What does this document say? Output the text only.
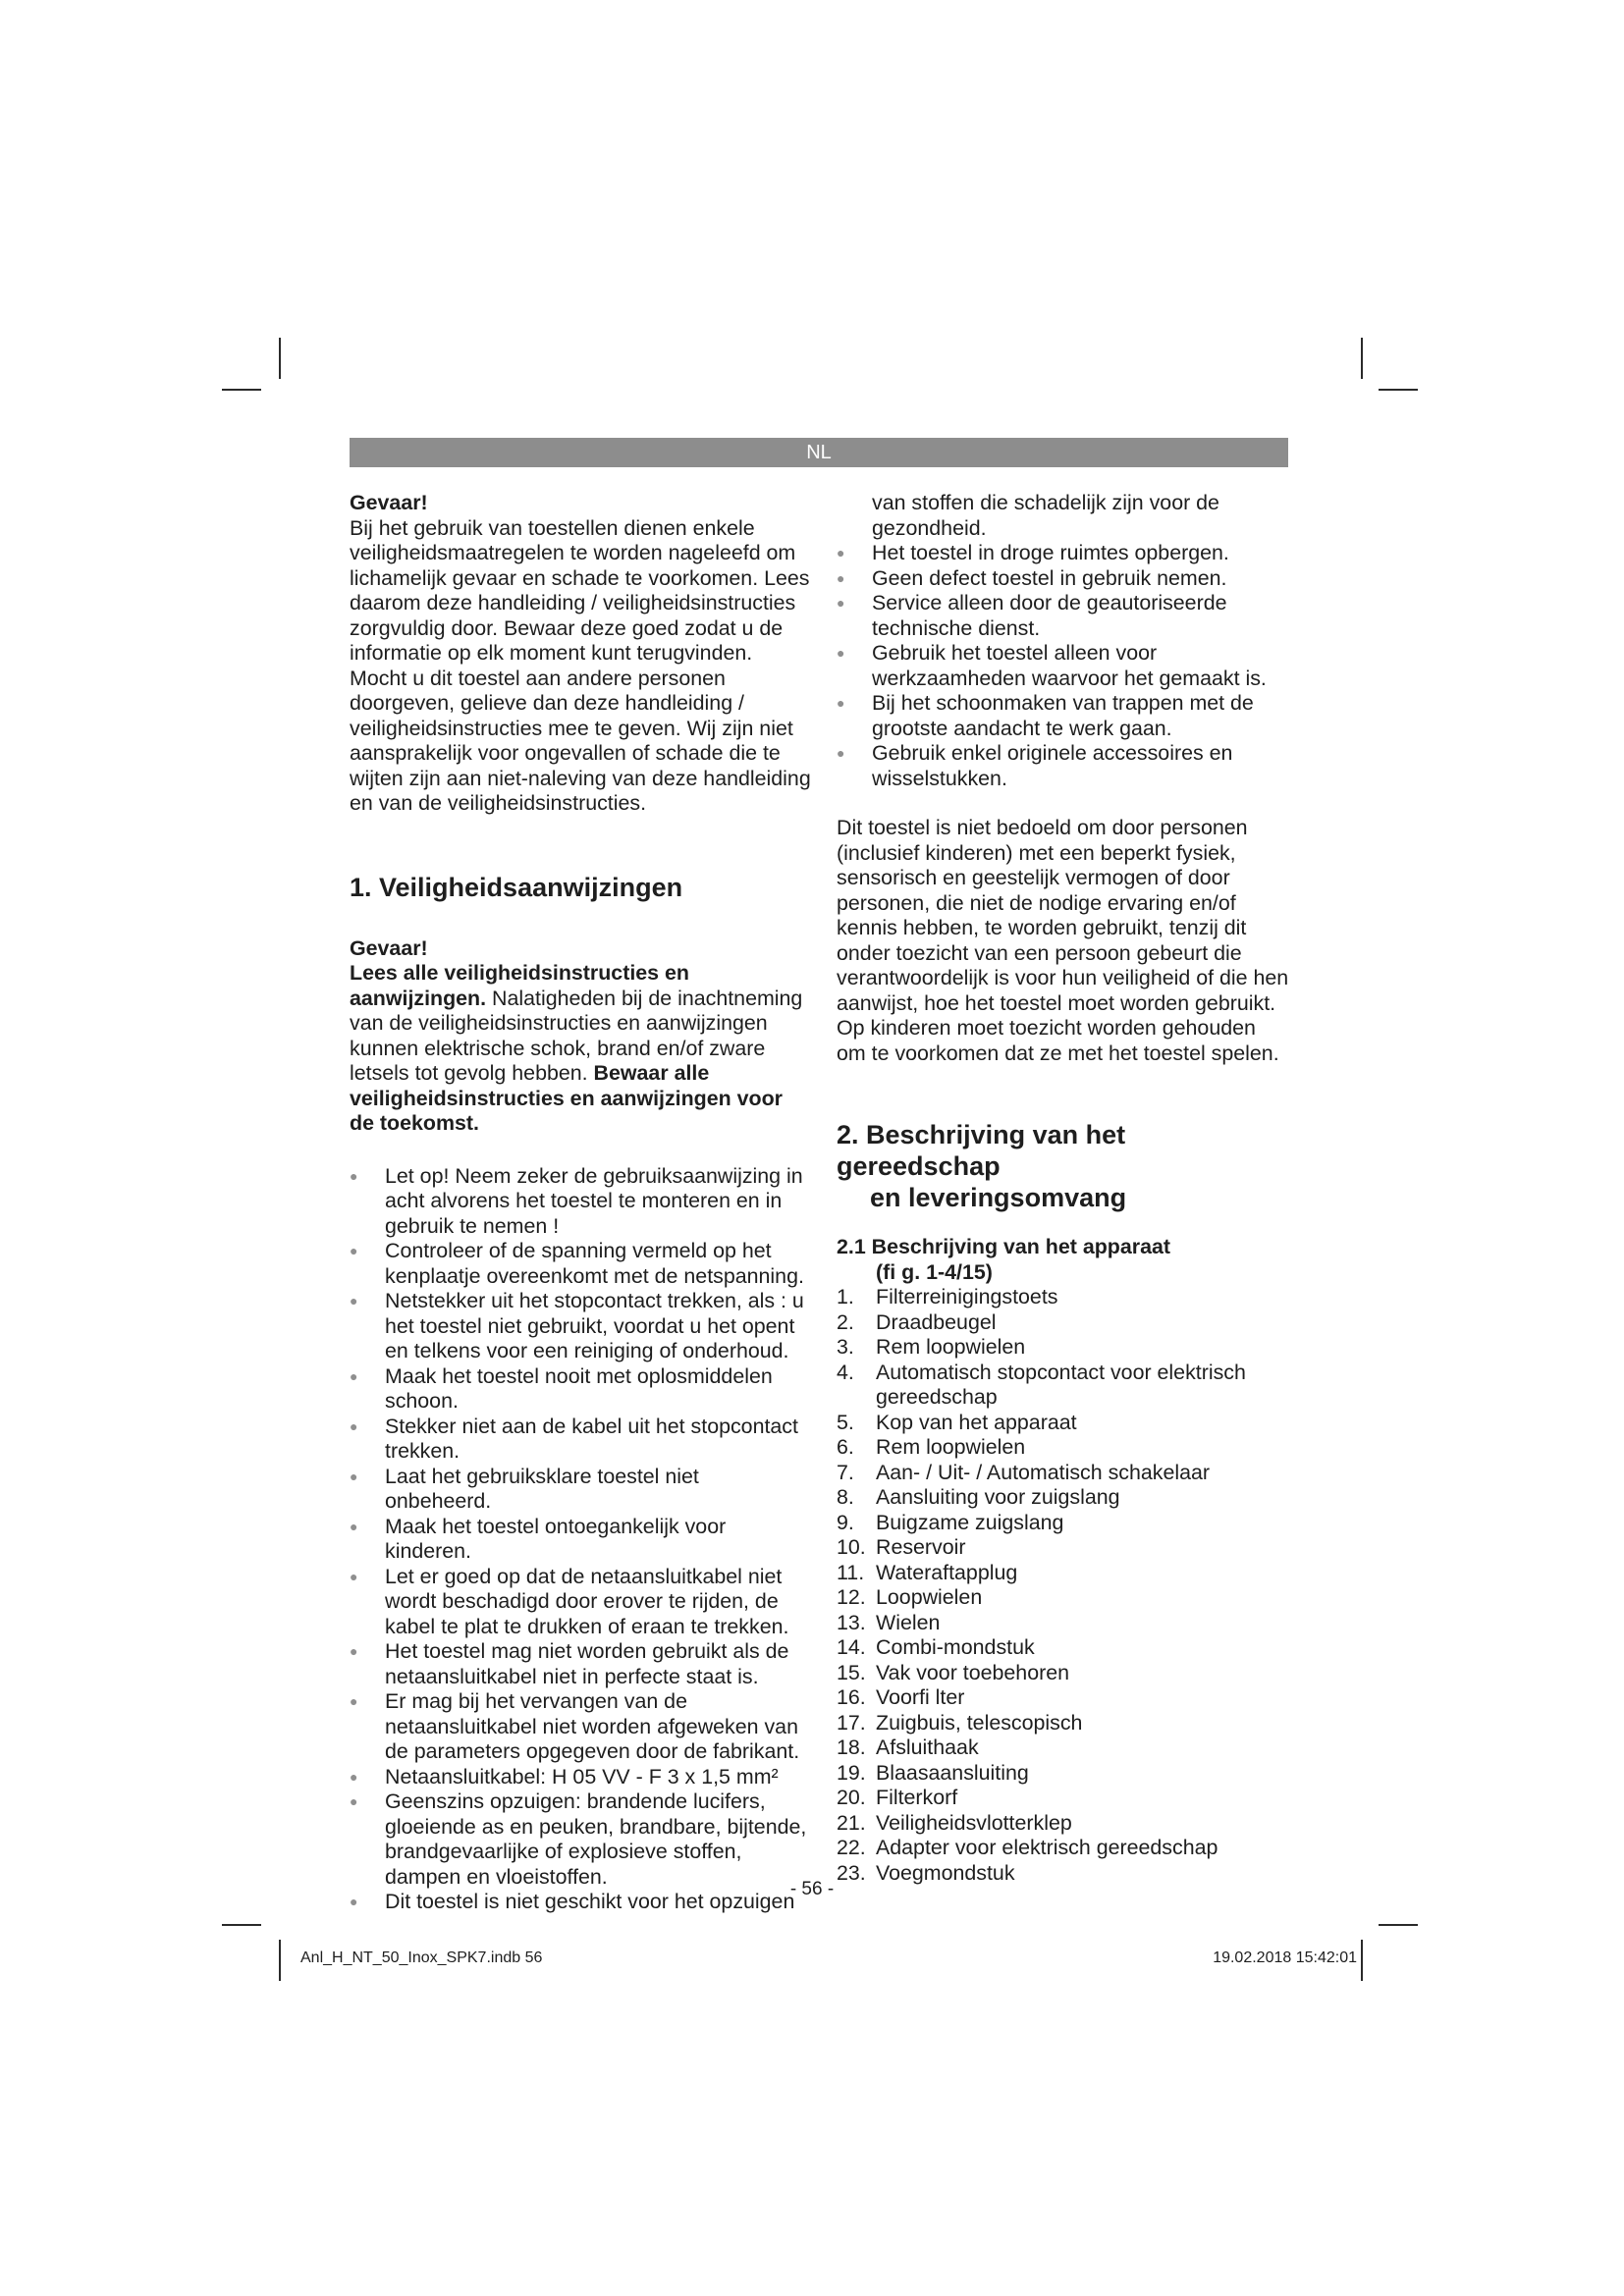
NL

Gevaar!

Bij het gebruik van toestellen dienen enkele veiligheidsmaatregelen te worden nageleefd om lichamelijk gevaar en schade te voorkomen. Lees daarom deze handleiding / veiligheidsinstructies zorgvuldig door. Bewaar deze goed zodat u de informatie op elk moment kunt terugvinden. Mocht u dit toestel aan andere personen doorgeven, gelieve dan deze handleiding / veiligheidsinstructies mee te geven. Wij zijn niet aansprakelijk voor ongevallen of schade die te wijten zijn aan niet-naleving van deze handleiding en van de veiligheidsinstructies.

1. Veiligheidsaanwijzingen

Gevaar!

Lees alle veiligheidsinstructies en aanwijzingen. Nalatigheden bij de inachtneming van de veiligheidsinstructies en aanwijzingen kunnen elektrische schok, brand en/of zware letsels tot gevolg hebben. Bewaar alle veiligheidsinstructies en aanwijzingen voor de toekomst.

● Let op! Neem zeker de gebruiksaanwijzing in acht alvorens het toestel te monteren en in gebruik te nemen !
● Controleer of de spanning vermeld op het kenplaatje overeenkomt met de netspanning.
● Netstekker uit het stopcontact trekken, als : u het toestel niet gebruikt, voordat u het opent en telkens voor een reiniging of onderhoud.
● Maak het toestel nooit met oplosmiddelen schoon.
● Stekker niet aan de kabel uit het stopcontact trekken.
● Laat het gebruiksklare toestel niet onbeheerd.
● Maak het toestel ontoegankelijk voor kinderen.
● Let er goed op dat de netaansluitkabel niet wordt beschadigd door erover te rijden, de kabel te plat te drukken of eraan te trekken.
● Het toestel mag niet worden gebruikt als de netaansluitkabel niet in perfecte staat is.
● Er mag bij het vervangen van de netaansluitkabel niet worden afgeweken van de parameters opgegeven door de fabrikant.
● Netaansluitkabel: H 05 VV - F 3 x 1,5 mm²
● Geenszins opzuigen: brandende lucifers, gloeiende as en peuken, brandbare, bijtende, brandgevaarlijke of explosieve stoffen, dampen en vloeistoffen.
● Dit toestel is niet geschikt voor het opzuigen

van stoffen die schadelijk zijn voor de gezondheid.

● Het toestel in droge ruimtes opbergen.
● Geen defect toestel in gebruik nemen.
● Service alleen door de geautoriseerde technische dienst.
● Gebruik het toestel alleen voor werkzaamheden waarvoor het gemaakt is.
● Bij het schoonmaken van trappen met de grootste aandacht te werk gaan.
● Gebruik enkel originele accessoires en wisselstukken.

Dit toestel is niet bedoeld om door personen (inclusief kinderen) met een beperkt fysiek, sensorisch en geestelijk vermogen of door personen, die niet de nodige ervaring en/of kennis hebben, te worden gebruikt, tenzij dit onder toezicht van een persoon gebeurt die verantwoordelijk is voor hun veiligheid of die hen aanwijst, hoe het toestel moet worden gebruikt. Op kinderen moet toezicht worden gehouden om te voorkomen dat ze met het toestel spelen.

2. Beschrijving van het gereedschap
en leveringsomvang
2.1 Beschrijving van het apparaat
(fi g. 1-4/15)
1. Filterreinigingstoets
2. Draadbeugel
3. Rem loopwielen
4. Automatisch stopcontact voor elektrisch gereedschap
5. Kop van het apparaat
6. Rem loopwielen
7. Aan- / Uit- / Automatisch schakelaar
8. Aansluiting voor zuigslang
9. Buigzame zuigslang
10. Reservoir
11. Wateraftapplug
12. Loopwielen
13. Wielen
14. Combi-mondstuk
15. Vak voor toebehoren
16. Voorfi lter
17. Zuigbuis, telescopisch
18. Afsluithaak
19. Blaasaansluiting
20. Filterkorf
21. Veiligheidsvlotterklep
22. Adapter voor elektrisch gereedschap
23. Voegmondstuk
- 56 -
Anl_H_NT_50_Inox_SPK7.indb 56	19.02.2018 15:42:01
